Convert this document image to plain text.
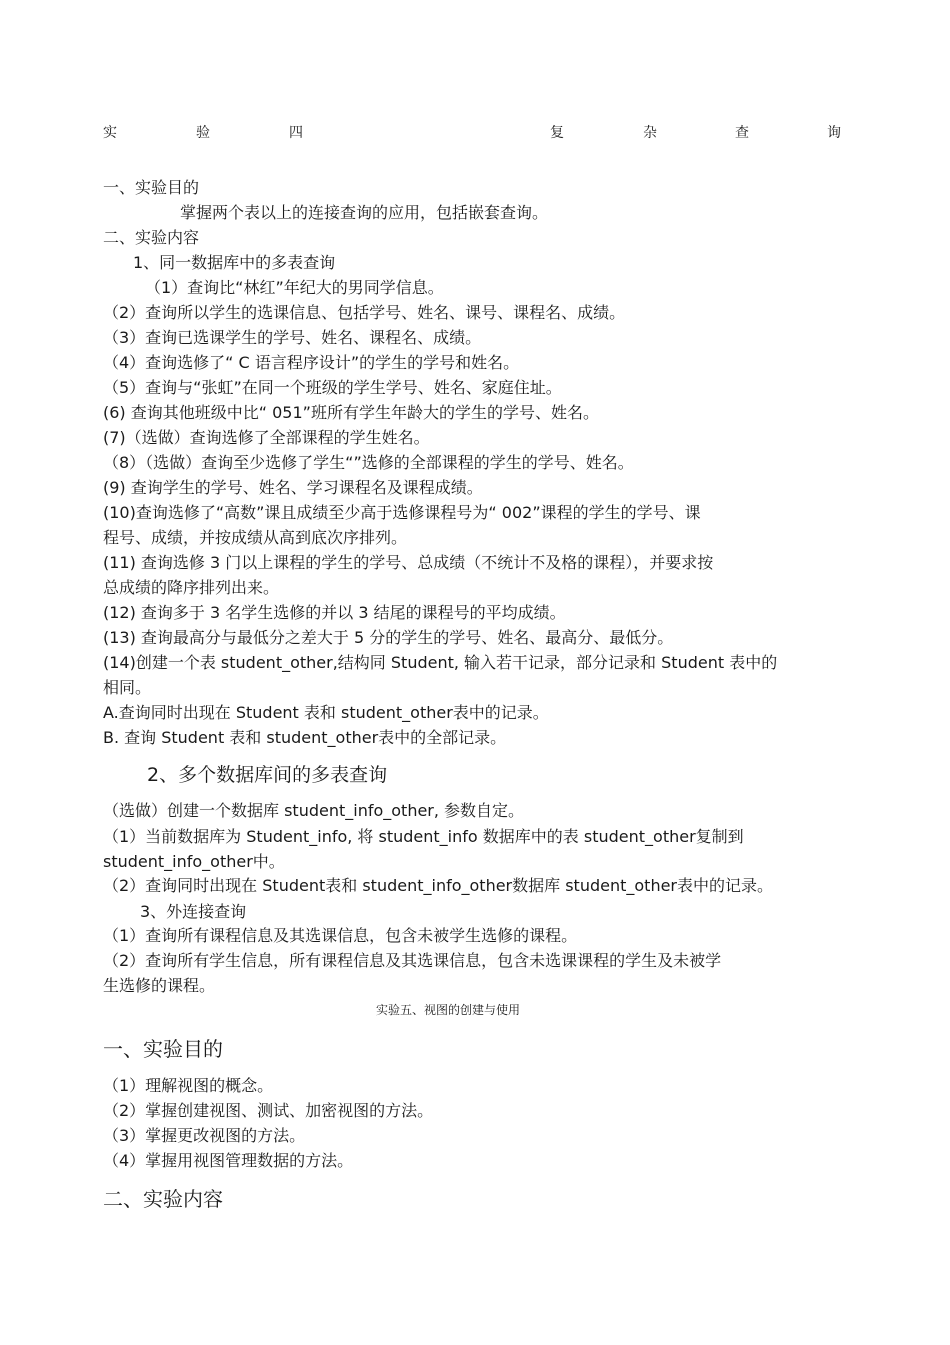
实	验	四	复	杂	查	询
一、实验目的
掌握两个表以上的连接查询的应用，包括嵌套查询。
二、实验内容
1、同一数据库中的多表查询
（1）查询比“林红”年纪大的男同学信息。
（2）查询所以学生的选课信息、包括学号、姓名、课号、课程名、成绩。
（3）查询已选课学生的学号、姓名、课程名、成绩。
（4）查询选修了“ C 语言程序设计”的学生的学号和姓名。
（5）查询与“张虹”在同一个班级的学生学号、姓名、家庭住址。
(6) 查询其他班级中比“ 051”班所有学生年龄大的学生的学号、姓名。
(7)（选做）查询选修了全部课程的学生姓名。
（8）（选做）查询至少选修了学生“”选修的全部课程的学生的学号、姓名。
(9) 查询学生的学号、姓名、学习课程名及课程成绩。
(10)查询选修了“高数”课且成绩至少高于选修课程号为“ 002”课程的学生的学号、课
程号、成绩，并按成绩从高到底次序排列。
(11) 查询选修 3 门以上课程的学生的学号、总成绩（不统计不及格的课程），并要求按
总成绩的降序排列出来。
(12) 查询多于 3 名学生选修的并以 3 结尾的课程号的平均成绩。
(13) 查询最高分与最低分之差大于 5 分的学生的学号、姓名、最高分、最低分。
(14)创建一个表 student_other,结构同 Student, 输入若干记录，部分记录和 Student 表中的
相同。
A.查询同时出现在 Student 表和 student_other表中的记录。
B. 查询 Student 表和 student_other表中的全部记录。
2、多个数据库间的多表查询
（选做）创建一个数据库 student_info_other, 参数自定。
（1）当前数据库为 Student_info, 将 student_info 数据库中的表 student_other复制到
student_info_other中。
（2）查询同时出现在 Student表和 student_info_other数据库 student_other表中的记录。
3、外连接查询
（1）查询所有课程信息及其选课信息，包含未被学生选修的课程。
（2）查询所有学生信息，所有课程信息及其选课信息，包含未选课课程的学生及未被学
生选修的课程。
实验五、视图的创建与使用
一、实验目的
（1）理解视图的概念。
（2）掌握创建视图、测试、加密视图的方法。
（3）掌握更改视图的方法。
（4）掌握用视图管理数据的方法。
二、实验内容
